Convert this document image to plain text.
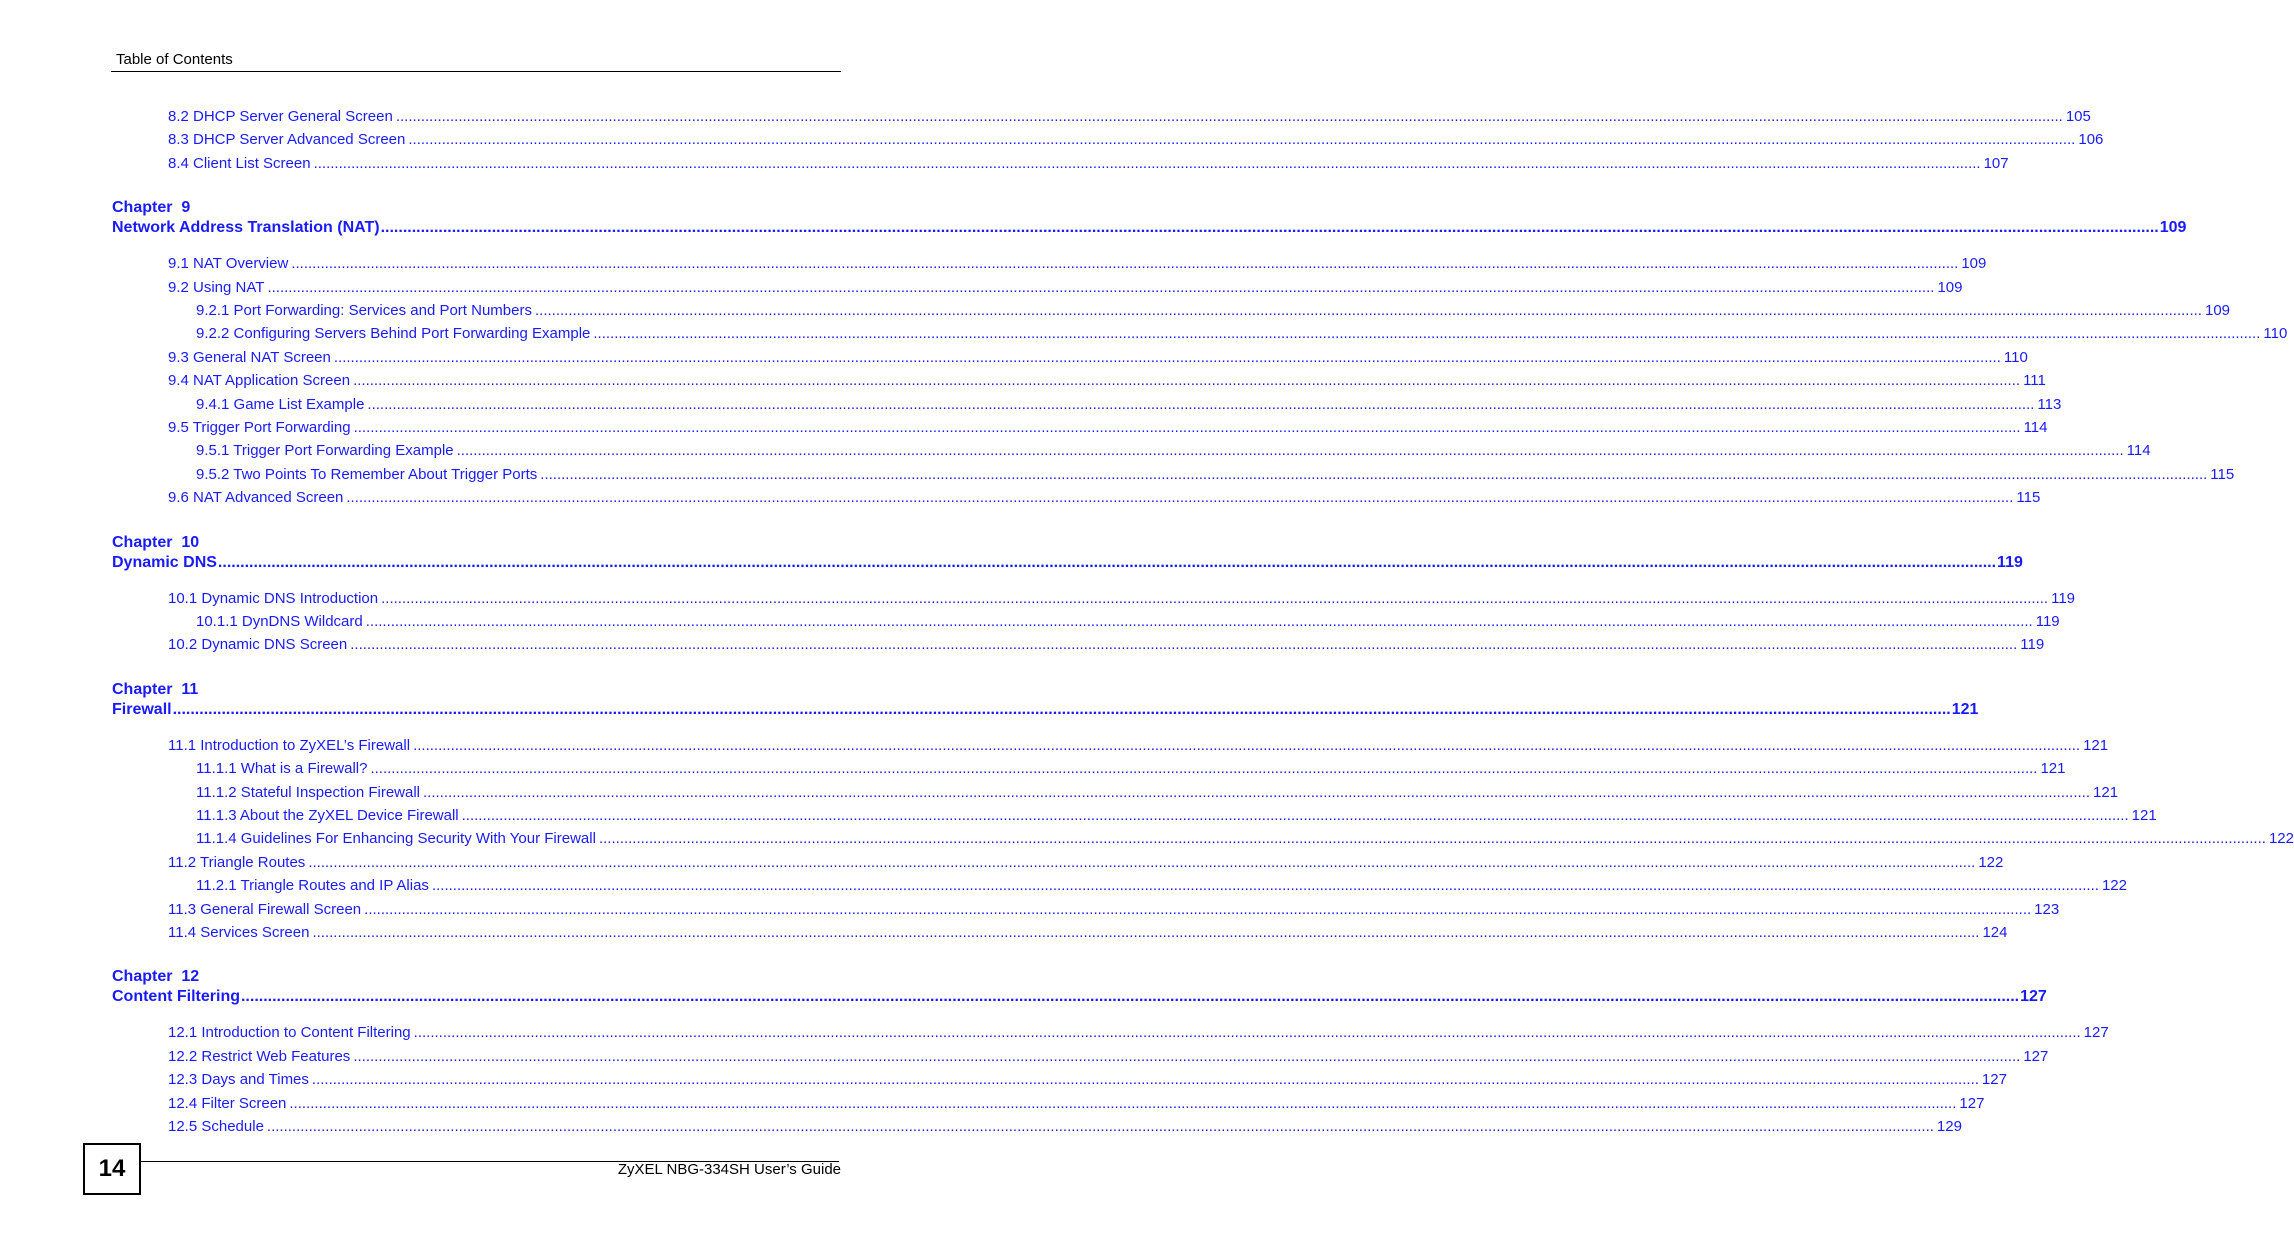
Table of Contents
8.2 DHCP Server General Screen ................................................................................................................................................................................................................................................................................................................................................................................................................ 105
8.3 DHCP Server Advanced Screen ................................................................................................................................................................................................................................................................................................................................................................................................................ 106
8.4 Client List Screen ................................................................................................................................................................................................................................................................................................................................................................................................................ 107
Chapter  9
Network Address Translation (NAT) ................................................................................................................................................................................................................................................................................................................................................................................................................ 109
9.1 NAT Overview ................................................................................................................................................................................................................................................................................................................................................................................................................ 109
9.2 Using NAT ................................................................................................................................................................................................................................................................................................................................................................................................................ 109
9.2.1 Port Forwarding: Services and Port Numbers ................................................................................................................................................................................................................................................................................................................................................................................................................ 109
9.2.2 Configuring Servers Behind Port Forwarding Example ................................................................................................................................................................................................................................................................................................................................................................................................................ 110
9.3 General NAT Screen ................................................................................................................................................................................................................................................................................................................................................................................................................ 110
9.4 NAT Application Screen ................................................................................................................................................................................................................................................................................................................................................................................................................ 111
9.4.1 Game List Example ................................................................................................................................................................................................................................................................................................................................................................................................................ 113
9.5 Trigger Port Forwarding ................................................................................................................................................................................................................................................................................................................................................................................................................ 114
9.5.1 Trigger Port Forwarding Example ................................................................................................................................................................................................................................................................................................................................................................................................................ 114
9.5.2 Two Points To Remember About Trigger Ports ................................................................................................................................................................................................................................................................................................................................................................................................................ 115
9.6 NAT Advanced Screen ................................................................................................................................................................................................................................................................................................................................................................................................................ 115
Chapter  10
Dynamic DNS ................................................................................................................................................................................................................................................................................................................................................................................................................ 119
10.1 Dynamic DNS Introduction ................................................................................................................................................................................................................................................................................................................................................................................................................ 119
10.1.1 DynDNS Wildcard ................................................................................................................................................................................................................................................................................................................................................................................................................ 119
10.2 Dynamic DNS Screen ................................................................................................................................................................................................................................................................................................................................................................................................................ 119
Chapter  11
Firewall ................................................................................................................................................................................................................................................................................................................................................................................................................ 121
11.1 Introduction to ZyXEL’s Firewall ................................................................................................................................................................................................................................................................................................................................................................................................................ 121
11.1.1 What is a Firewall? ................................................................................................................................................................................................................................................................................................................................................................................................................ 121
11.1.2 Stateful Inspection Firewall ................................................................................................................................................................................................................................................................................................................................................................................................................ 121
11.1.3 About the ZyXEL Device Firewall ................................................................................................................................................................................................................................................................................................................................................................................................................ 121
11.1.4 Guidelines For Enhancing Security With Your Firewall ................................................................................................................................................................................................................................................................................................................................................................................................................ 122
11.2 Triangle Routes ................................................................................................................................................................................................................................................................................................................................................................................................................ 122
11.2.1 Triangle Routes and IP Alias ................................................................................................................................................................................................................................................................................................................................................................................................................ 122
11.3 General Firewall Screen ................................................................................................................................................................................................................................................................................................................................................................................................................ 123
11.4 Services Screen ................................................................................................................................................................................................................................................................................................................................................................................................................ 124
Chapter  12
Content Filtering ................................................................................................................................................................................................................................................................................................................................................................................................................ 127
12.1 Introduction to Content Filtering ................................................................................................................................................................................................................................................................................................................................................................................................................ 127
12.2 Restrict Web Features ................................................................................................................................................................................................................................................................................................................................................................................................................ 127
12.3 Days and Times ................................................................................................................................................................................................................................................................................................................................................................................................................ 127
12.4 Filter Screen ................................................................................................................................................................................................................................................................................................................................................................................................................ 127
12.5 Schedule ................................................................................................................................................................................................................................................................................................................................................................................................................ 129
14	ZyXEL NBG-334SH User’s Guide
